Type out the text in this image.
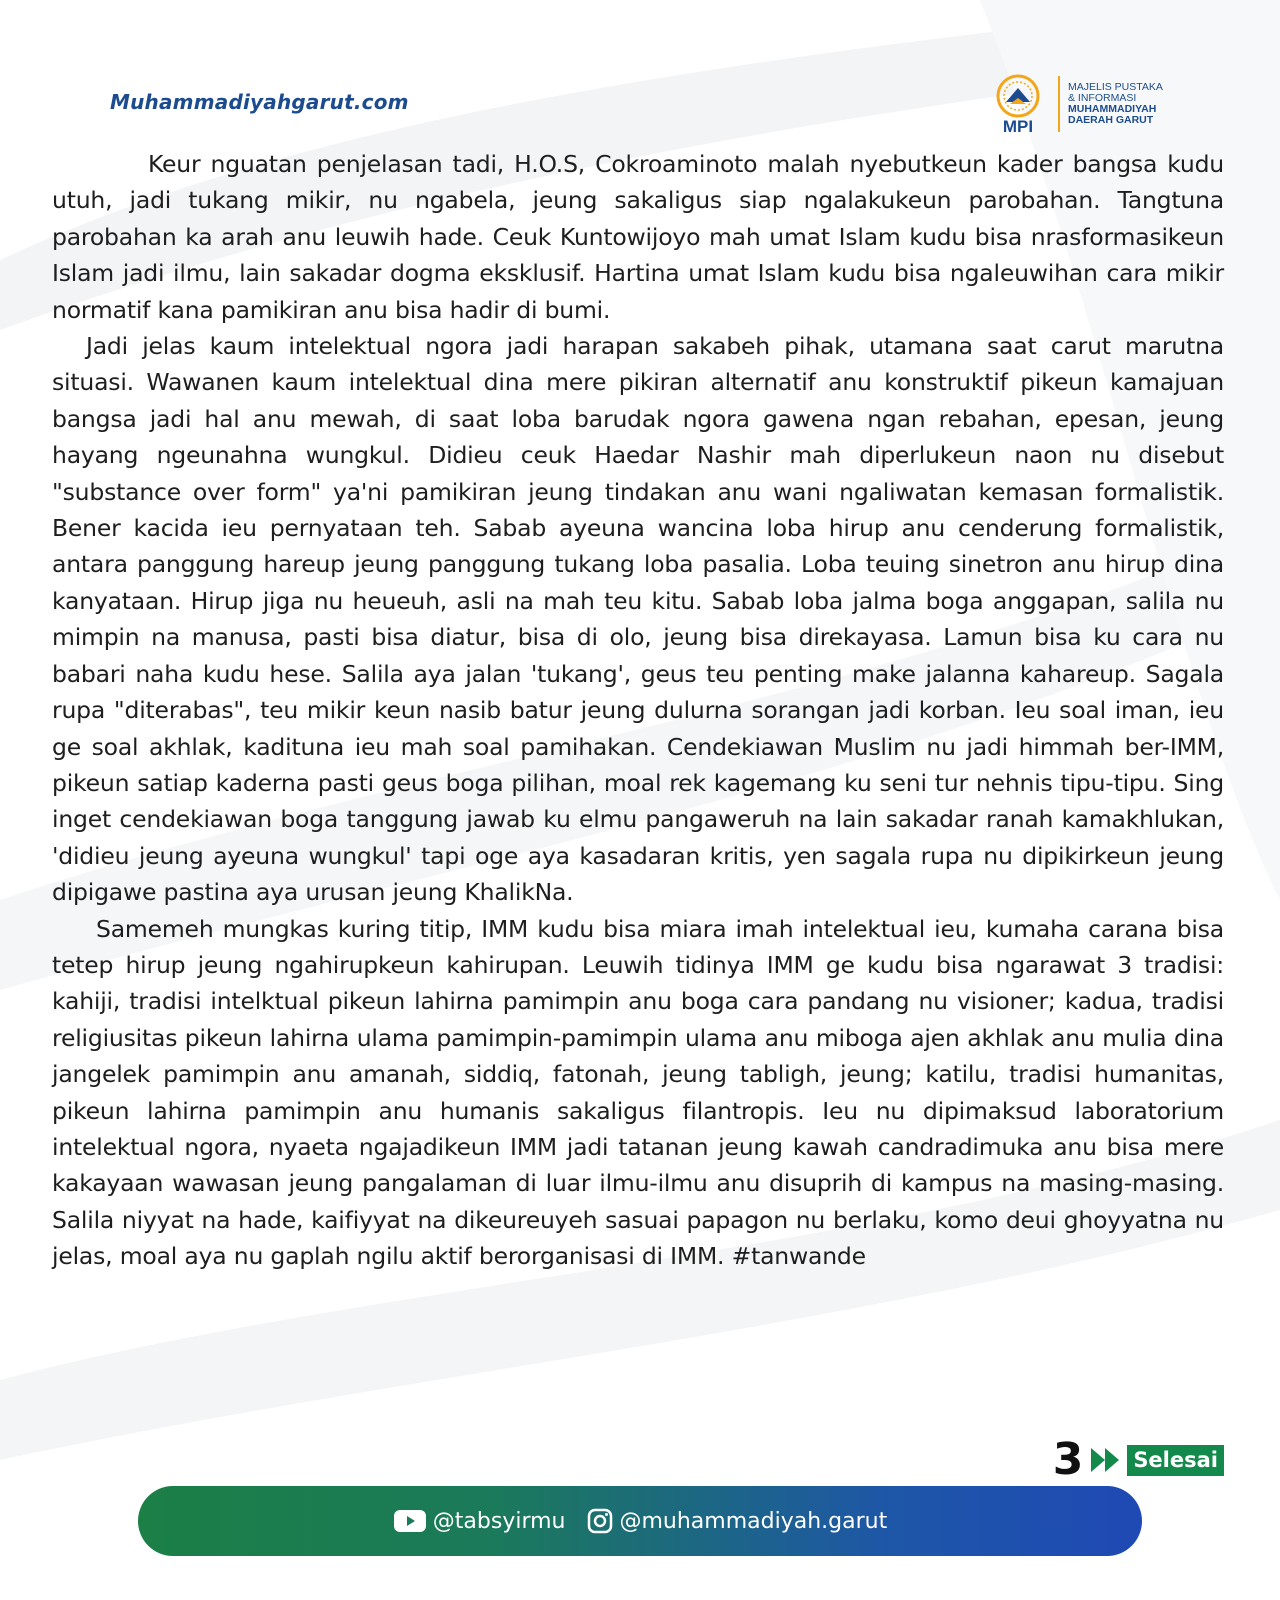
Muhammadiyahgarut.com
MPI
MAJELIS PUSTAKA
& INFORMASI
MUHAMMADIYAH
DAERAH GARUT

Keur nguatan penjelasan tadi, H.O.S, Cokroaminoto malah nyebutkeun kader bangsa kudu utuh, jadi tukang mikir, nu ngabela, jeung sakaligus siap ngalakukeun parobahan. Tangtuna parobahan ka arah anu leuwih hade. Ceuk Kuntowijoyo mah umat Islam kudu bisa nrasformasikeun Islam jadi ilmu, lain sakadar dogma eksklusif. Hartina umat Islam kudu bisa ngaleuwihan cara mikir normatif kana pamikiran anu bisa hadir di bumi.

Jadi jelas kaum intelektual ngora jadi harapan sakabeh pihak, utamana saat carut marutna situasi. Wawanen kaum intelektual dina mere pikiran alternatif anu konstruktif pikeun kamajuan bangsa jadi hal anu mewah, di saat loba barudak ngora gawena ngan rebahan, epesan, jeung hayang ngeunahna wungkul. Didieu ceuk Haedar Nashir mah diperlukeun naon nu disebut "substance over form" ya'ni pamikiran jeung tindakan anu wani ngaliwatan kemasan formalistik. Bener kacida ieu pernyataan teh. Sabab ayeuna wancina loba hirup anu cenderung formalistik, antara panggung hareup jeung panggung tukang loba pasalia. Loba teuing sinetron anu hirup dina kanyataan. Hirup jiga nu heueuh, asli na mah teu kitu. Sabab loba jalma boga anggapan, salila nu mimpin na manusa, pasti bisa diatur, bisa di olo, jeung bisa direkayasa. Lamun bisa ku cara nu babari naha kudu hese. Salila aya jalan 'tukang', geus teu penting make jalanna kahareup. Sagala rupa "diterabas", teu mikir keun nasib batur jeung dulurna sorangan jadi korban. Ieu soal iman, ieu ge soal akhlak, kadituna ieu mah soal pamihakan. Cendekiawan Muslim nu jadi himmah ber-IMM, pikeun satiap kaderna pasti geus boga pilihan, moal rek kagemang ku seni tur nehnis tipu-tipu. Sing inget cendekiawan boga tanggung jawab ku elmu pangaweruh na lain sakadar ranah kamakhlukan, 'didieu jeung ayeuna wungkul' tapi oge aya kasadaran kritis, yen sagala rupa nu dipikirkeun jeung dipigawe pastina aya urusan jeung KhalikNa.

Samemeh mungkas kuring titip, IMM kudu bisa miara imah intelektual ieu, kumaha carana bisa tetep hirup jeung ngahirupkeun kahirupan. Leuwih tidinya IMM ge kudu bisa ngarawat 3 tradisi: kahiji, tradisi intelktual pikeun lahirna pamimpin anu boga cara pandang nu visioner; kadua, tradisi religiusitas pikeun lahirna ulama pamimpin-pamimpin ulama anu miboga ajen akhlak anu mulia dina jangelek pamimpin anu amanah, siddiq, fatonah, jeung tabligh, jeung; katilu, tradisi humanitas, pikeun lahirna pamimpin anu humanis sakaligus filantropis. Ieu nu dipimaksud laboratorium intelektual ngora, nyaeta ngajadikeun IMM jadi tatanan jeung kawah candradimuka anu bisa mere kakayaan wawasan jeung pangalaman di luar ilmu-ilmu anu disuprih di kampus na masing-masing. Salila niyyat na hade, kaifiyyat na dikeureuyeh sasuai papagon nu berlaku, komo deui ghoyyatna nu jelas, moal aya nu gaplah ngilu aktif berorganisasi di IMM. #tanwande

3 Selesai
@tabsyirmu @muhammadiyah.garut
